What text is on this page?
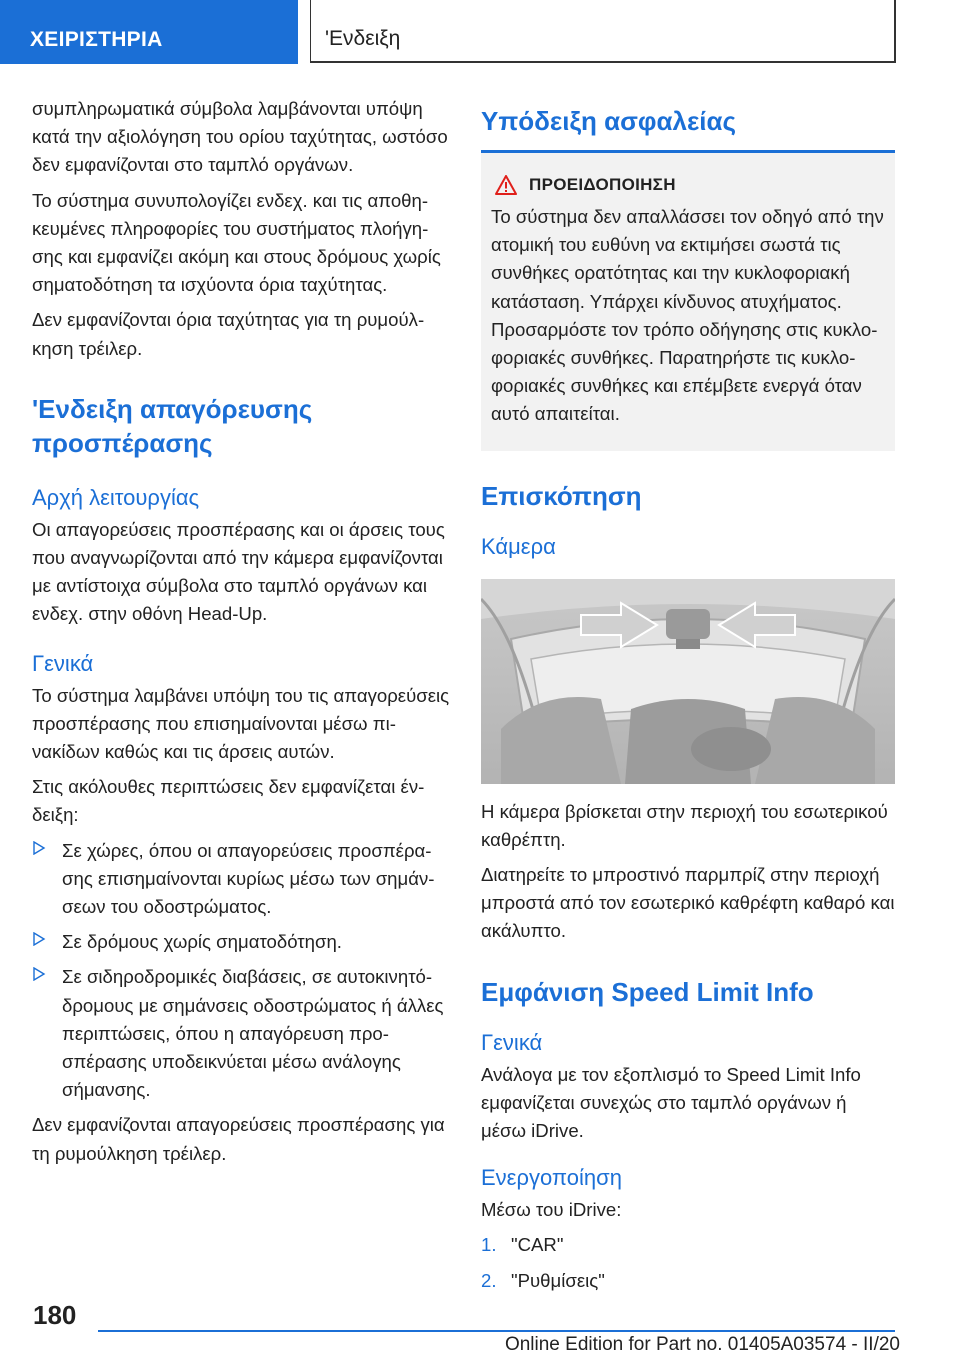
ΧΕΙΡΙΣΤΗΡΙΑ	'Ενδειξη

συμπληρωματικά σύμβολα λαμβάνονται υπόψη κατά την αξιολόγηση του ορίου ταχύτητας, ωστόσο δεν εμφανίζονται στο ταμπλό οργάνων.

Το σύστημα συνυπολογίζει ενδεχ. και τις αποθηκευμένες πληροφορίες του συστήματος πλοήγησης και εμφανίζει ακόμη και στους δρόμους χωρίς σηματοδότηση τα ισχύοντα όρια ταχύτητας.

Δεν εμφανίζονται όρια ταχύτητας για τη ρυμούλκηση τρέιλερ.

'Ενδειξη απαγόρευσης
προσπέρασης
Αρχή λειτουργίας

Οι απαγορεύσεις προσπέρασης και οι άρσεις τους που αναγνωρίζονται από την κάμερα εμφανίζονται με αντίστοιχα σύμβολα στο ταμπλό οργάνων και ενδεχ. στην οθόνη Head-Up.

Γενικά

Το σύστημα λαμβάνει υπόψη του τις απαγορεύσεις προσπέρασης που επισημαίνονται μέσω πινακίδων καθώς και τις άρσεις αυτών.

Στις ακόλουθες περιπτώσεις δεν εμφανίζεται ένδειξη:

Σε χώρες, όπου οι απαγορεύσεις προσπέρασης επισημαίνονται κυρίως μέσω των σημάνσεων του οδοστρώματος.
Σε δρόμους χωρίς σηματοδότηση.
Σε σιδηροδρομικές διαβάσεις, σε αυτοκινητόδρομους με σημάνσεις οδοστρώματος ή άλλες περιπτώσεις, όπου η απαγόρευση προσπέρασης υποδεικνύεται μέσω ανάλογης σήμανσης.

Δεν εμφανίζονται απαγορεύσεις προσπέρασης για τη ρυμούλκηση τρέιλερ.

Υπόδειξη ασφαλείας
ΠΡΟΕΙΔΟΠΟΙΗΣΗ

Το σύστημα δεν απαλλάσσει τον οδηγό από την ατομική του ευθύνη να εκτιμήσει σωστά τις συνθήκες ορατότητας και την κυκλοφοριακή κατάσταση. Υπάρχει κίνδυνος ατυχήματος. Προσαρμόστε τον τρόπο οδήγησης στις κυκλοφοριακές συνθήκες. Παρατηρήστε τις κυκλοφοριακές συνθήκες και επέμβετε ενεργά όταν αυτό απαιτείται.

Επισκόπηση
Κάμερα

Η κάμερα βρίσκεται στην περιοχή του εσωτερικού καθρέπτη.

Διατηρείτε το μπροστινό παρμπρίζ στην περιοχή μπροστά από τον εσωτερικό καθρέφτη καθαρό και ακάλυπτο.

Εμφάνιση Speed Limit Info
Γενικά

Ανάλογα με τον εξοπλισμό το Speed Limit Info εμφανίζεται συνεχώς στο ταμπλό οργάνων ή μέσω iDrive.

Ενεργοποίηση

Μέσω του iDrive:

1. "CAR"
2. "Ρυθμίσεις"
180
Online Edition for Part no. 01405A03574 - II/20
